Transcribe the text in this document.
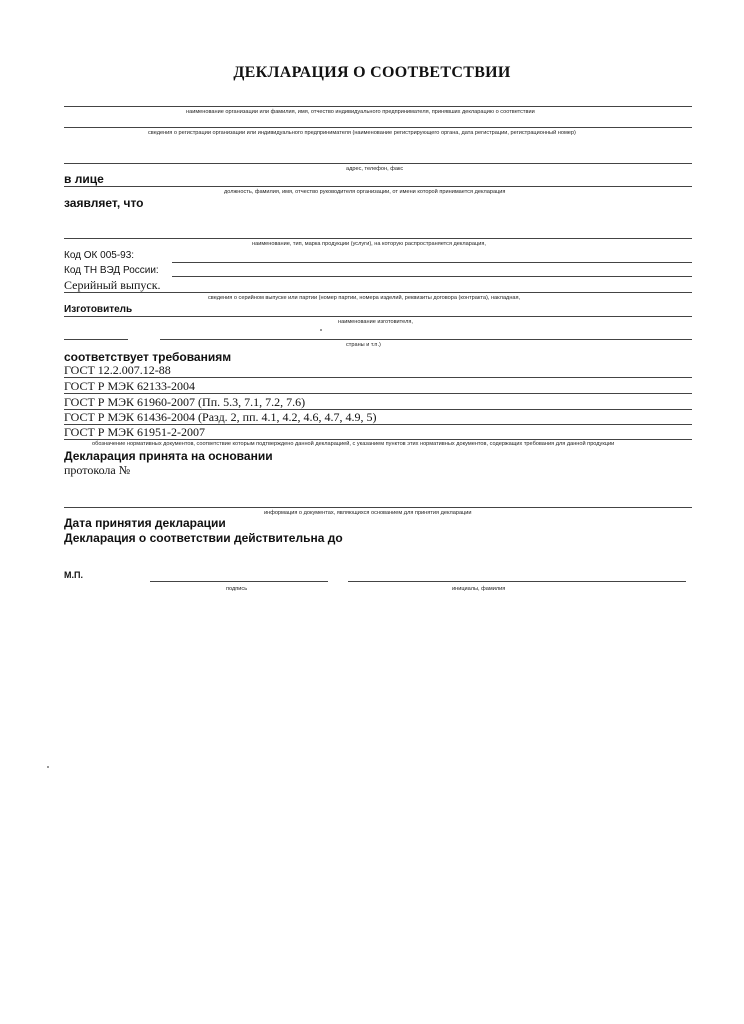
ДЕКЛАРАЦИЯ О СООТВЕТСТВИИ
наименование организации или фамилия, имя, отчество индивидуального предпринимателя, принявших декларацию о соответствии
сведения о регистрации организации или индивидуального предпринимателя (наименование регистрирующего органа, дата регистрации, регистрационный номер)
адрес, телефон, факс
в лице
должность, фамилия, имя, отчество руководителя организации, от имени которой принимается декларация
заявляет, что
наименование, тип, марка продукции (услуги), на которую распространяется декларация,
Код ОК 005-93:
Код ТН ВЭД России:
Серийный выпуск.
сведения о серийном выпуске или партии (номер партии, номера изделий, реквизиты договора (контракта), накладная,
Изготовитель
наименование изготовителя,
страны и т.п.)
соответствует требованиям
ГОСТ 12.2.007.12-88
ГОСТ Р МЭК 62133-2004
ГОСТ Р МЭК 61960-2007 (Пп. 5.3, 7.1, 7.2, 7.6)
ГОСТ Р МЭК 61436-2004 (Разд. 2, пп. 4.1, 4.2, 4.6, 4.7, 4.9, 5)
ГОСТ Р МЭК 61951-2-2007
обозначение нормативных документов, соответствие которым подтверждено данной декларацией, с указанием пунктов этих нормативных документов, содержащих требования для данной продукции
Декларация принята на основании
протокола №
информация о документах, являющихся основанием для принятия декларации
Дата принятия декларации
Декларация о соответствии действительна до
М.П.
подпись	инициалы, фамилия
